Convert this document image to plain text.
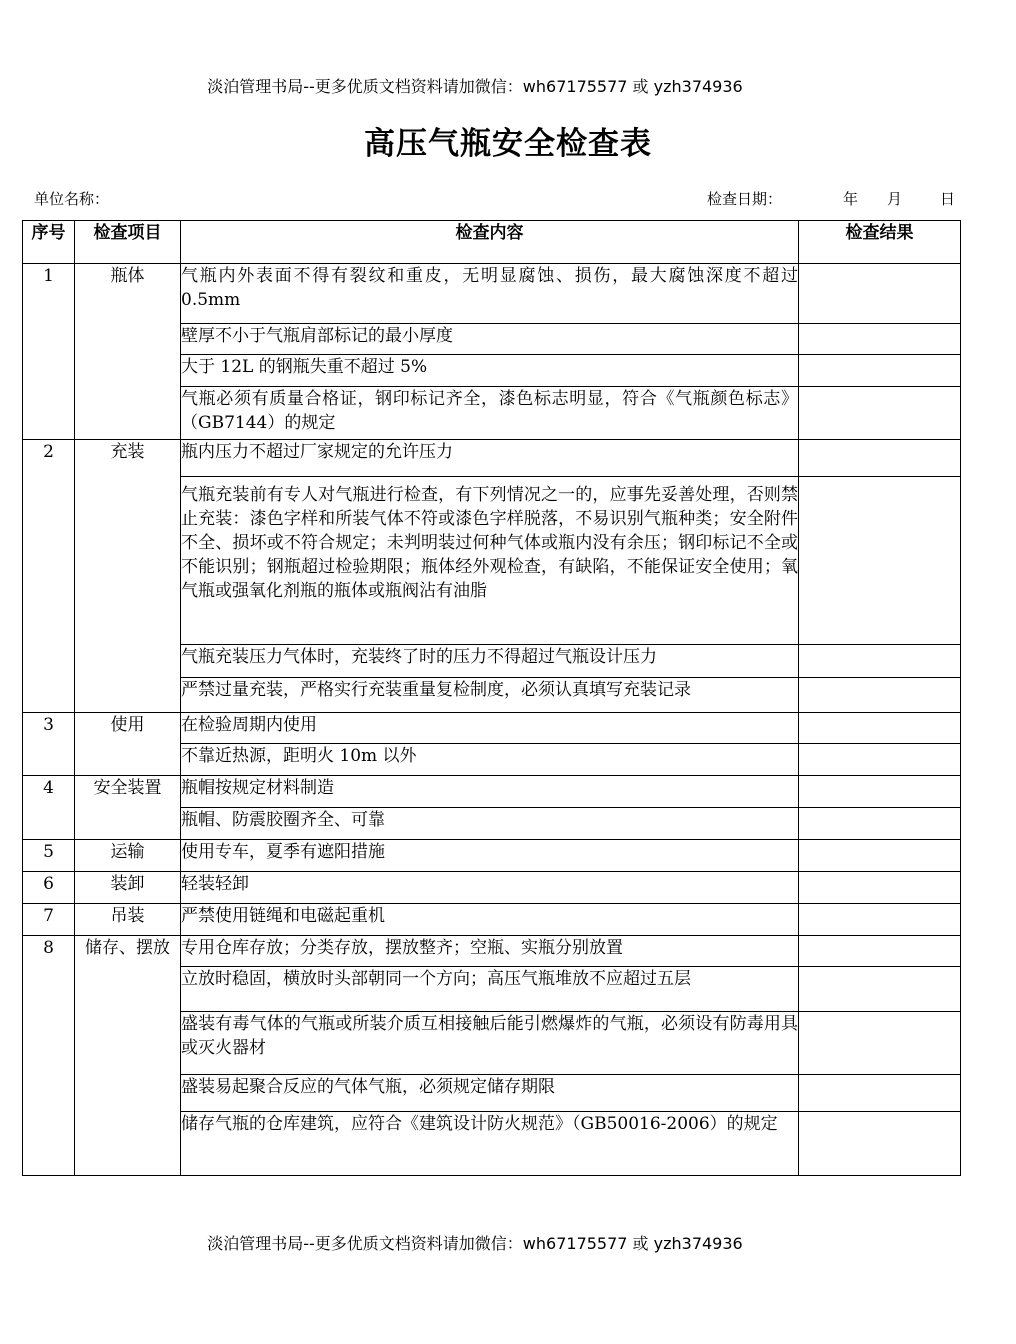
淡泊管理书局--更多优质文档资料请加微信：wh67175577 或 yzh374936
高压气瓶安全检查表
单位名称：	检查日期：	年 月	日
序号	检查项目	检查内容	检查结果
1	瓶体	气瓶内外表面不得有裂纹和重皮，无明显腐蚀、损伤，最大腐蚀深度不超过 0.5mm	
		壁厚不小于气瓶肩部标记的最小厚度	
		大于 12L 的钢瓶失重不超过 5%	
		气瓶必须有质量合格证，钢印标记齐全，漆色标志明显，符合《气瓶颜色标志》（GB7144）的规定	
2	充装	瓶内压力不超过厂家规定的允许压力	
		气瓶充装前有专人对气瓶进行检查，有下列情况之一的，应事先妥善处理，否则禁止充装：漆色字样和所装气体不符或漆色字样脱落，不易识别气瓶种类；安全附件不全、损坏或不符合规定；未判明装过何种气体或瓶内没有余压；钢印标记不全或不能识别；钢瓶超过检验期限；瓶体经外观检查，有缺陷，不能保证安全使用；氧气瓶或强氧化剂瓶的瓶体或瓶阀沾有油脂	
		气瓶充装压力气体时，充装终了时的压力不得超过气瓶设计压力	

		严禁过量充装，严格实行充装重量复检制度，必须认真填写充装记录	

3	使用	在检验周期内使用	
		不靠近热源，距明火 10m 以外	
4	安全装置	瓶帽按规定材料制造	
		瓶帽、防震胶圈齐全、可靠	
5	运输	使用专车，夏季有遮阳措施	
6	装卸	轻装轻卸	
7	吊装	严禁使用链绳和电磁起重机	
8	储存、摆放	专用仓库存放；分类存放，摆放整齐；空瓶、实瓶分别放置	

		立放时稳固，横放时头部朝同一个方向；高压气瓶堆放不应超过五层	

		盛装有毒气体的气瓶或所装介质互相接触后能引燃爆炸的气瓶，必须设有防毒用具或灭火器材	
		盛装易起聚合反应的气体气瓶，必须规定储存期限	
		储存气瓶的仓库建筑，应符合《建筑设计防火规范》（GB50016-2006）的规定	
淡泊管理书局--更多优质文档资料请加微信：wh67175577 或 yzh374936
